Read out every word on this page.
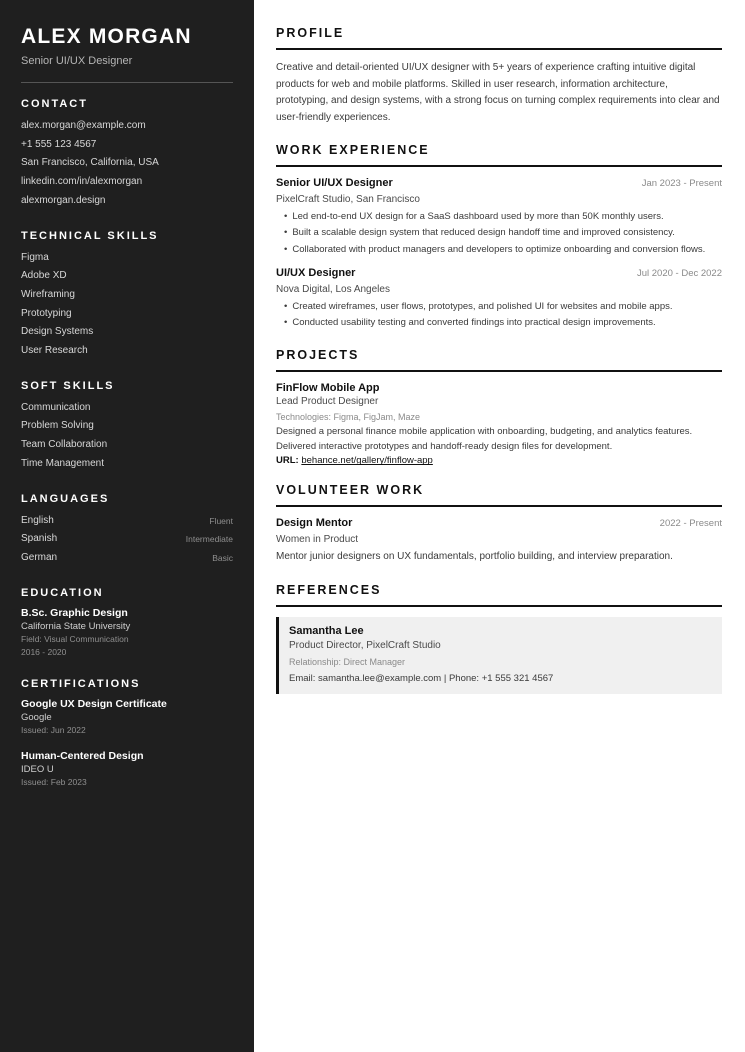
ALEX MORGAN
Senior UI/UX Designer
CONTACT
alex.morgan@example.com
+1 555 123 4567
San Francisco, California, USA
linkedin.com/in/alexmorgan
alexmorgan.design
TECHNICAL SKILLS
Figma
Adobe XD
Wireframing
Prototyping
Design Systems
User Research
SOFT SKILLS
Communication
Problem Solving
Team Collaboration
Time Management
LANGUAGES
English	Fluent
Spanish	Intermediate
German	Basic
EDUCATION
B.Sc. Graphic Design
California State University
Field: Visual Communication
2016 - 2020
CERTIFICATIONS
Google UX Design Certificate
Google
Issued: Jun 2022
Human-Centered Design
IDEO U
Issued: Feb 2023
PROFILE

Creative and detail-oriented UI/UX designer with 5+ years of experience crafting intuitive digital products for web and mobile platforms. Skilled in user research, information architecture, prototyping, and design systems, with a strong focus on turning complex requirements into clear and user-friendly experiences.

WORK EXPERIENCE
Senior UI/UX Designer	Jan 2023 - Present
PixelCraft Studio, San Francisco
• Led end-to-end UX design for a SaaS dashboard used by more than 50K monthly users.
• Built a scalable design system that reduced design handoff time and improved consistency.
• Collaborated with product managers and developers to optimize onboarding and conversion flows.
UI/UX Designer	Jul 2020 - Dec 2022
Nova Digital, Los Angeles
• Created wireframes, user flows, prototypes, and polished UI for websites and mobile apps.
• Conducted usability testing and converted findings into practical design improvements.
PROJECTS
FinFlow Mobile App
Lead Product Designer
Technologies: Figma, FigJam, Maze
Designed a personal finance mobile application with onboarding, budgeting, and analytics features.
Delivered interactive prototypes and handoff-ready design files for development.
URL: behance.net/gallery/finflow-app
VOLUNTEER WORK
Design Mentor	2022 - Present
Women in Product
Mentor junior designers on UX fundamentals, portfolio building, and interview preparation.
REFERENCES
Samantha Lee
Product Director, PixelCraft Studio
Relationship: Direct Manager
Email: samantha.lee@example.com | Phone: +1 555 321 4567
